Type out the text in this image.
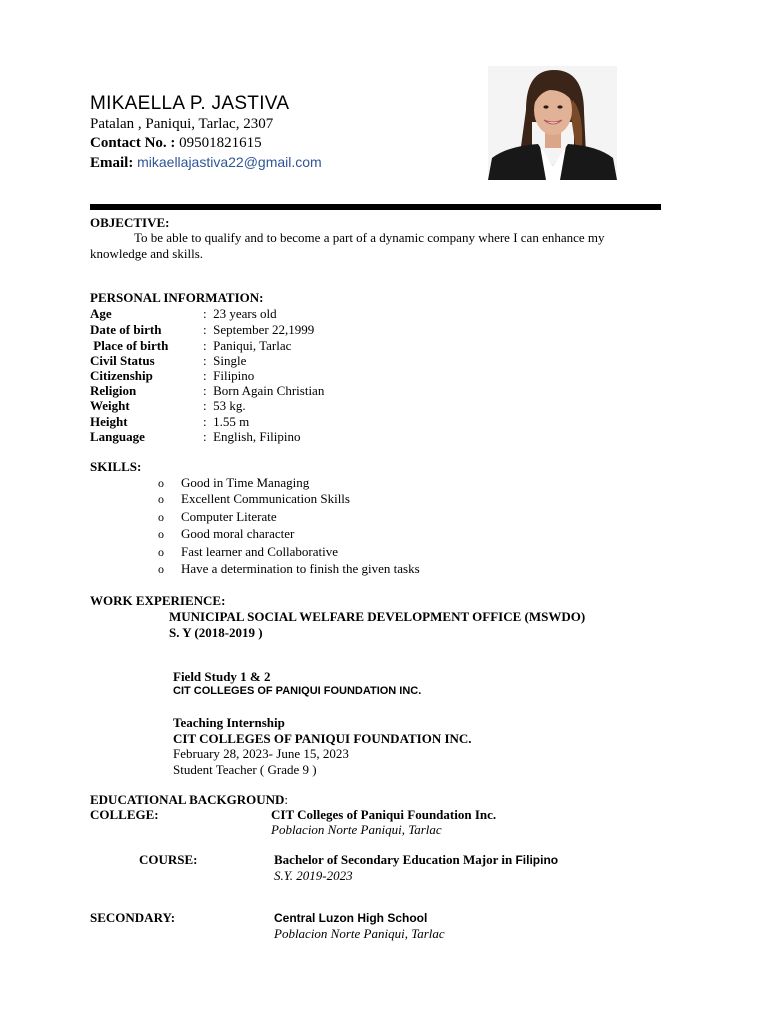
MIKAELLA P. JASTIVA
Patalan , Paniqui, Tarlac, 2307
Contact No. : 09501821615
Email: mikaellajastiva22@gmail.com
OBJECTIVE:
To be able to qualify and to become a part of a dynamic company where I can enhance my knowledge and skills.
PERSONAL INFORMATION:
Age	:  23 years old
Date of birth	:  September 22,1999
Place of birth	:  Paniqui, Tarlac
Civil Status	:  Single
Citizenship	:  Filipino
Religion	:  Born Again Christian
Weight	:  53 kg.
Height	:  1.55 m
Language	:  English, Filipino
SKILLS:
o Good in Time Managing
o Excellent Communication Skills
o Computer Literate
o Good moral character
o Fast learner and Collaborative
o Have a determination to finish the given tasks
WORK EXPERIENCE:
MUNICIPAL SOCIAL WELFARE DEVELOPMENT OFFICE (MSWDO)
S. Y (2018-2019 )
Field Study 1 & 2
CIT COLLEGES OF PANIQUI FOUNDATION INC.
Teaching Internship
CIT COLLEGES OF PANIQUI FOUNDATION INC.
February 28, 2023- June 15, 2023
Student Teacher ( Grade 9 )
EDUCATIONAL BACKGROUND:
COLLEGE:	CIT Colleges of Paniqui Foundation Inc.
Poblacion Norte Paniqui, Tarlac
COURSE:	Bachelor of Secondary Education Major in Filipino
S.Y. 2019-2023
SECONDARY:	Central Luzon High School
Poblacion Norte Paniqui, Tarlac
